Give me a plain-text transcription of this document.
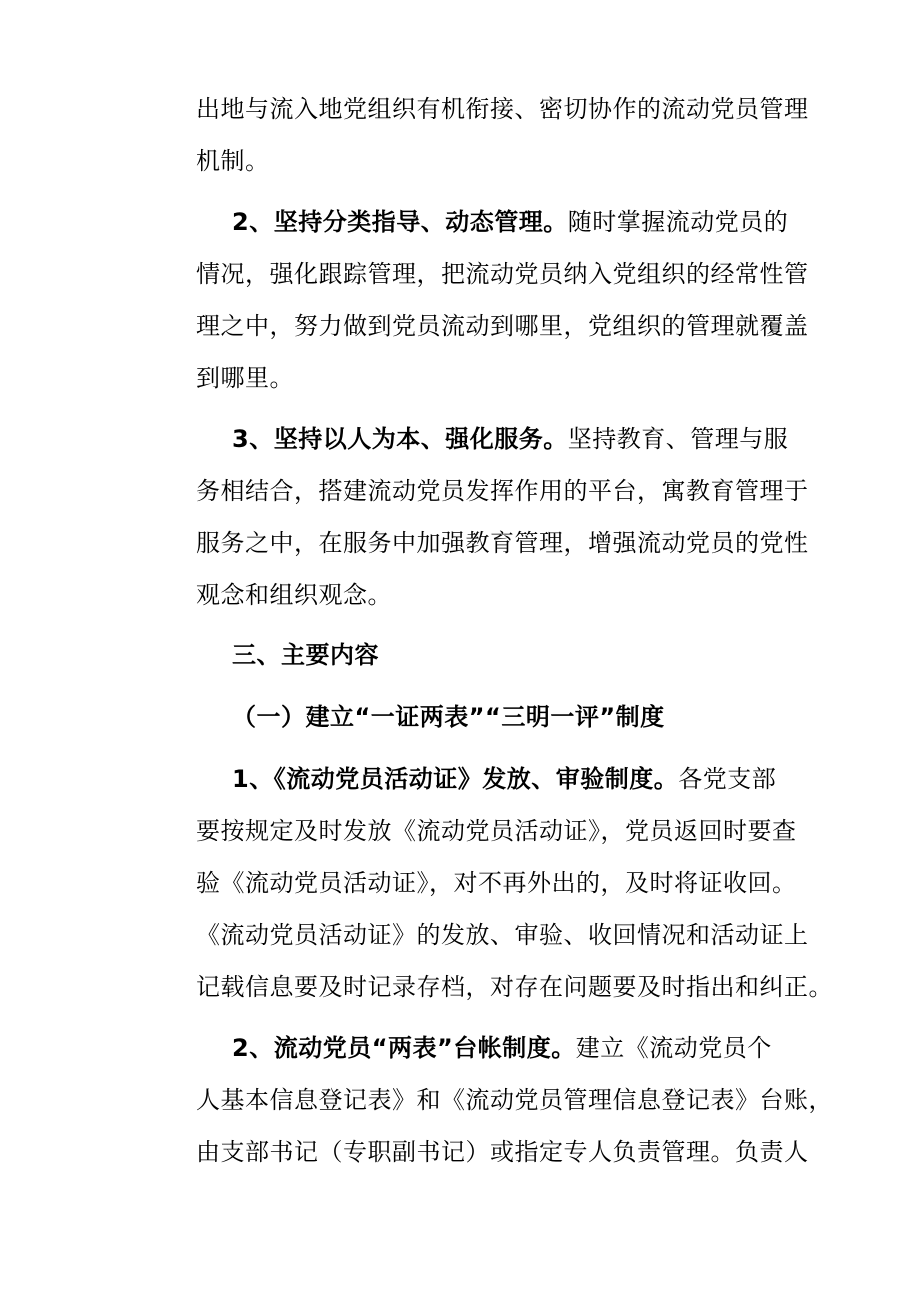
出地与流入地党组织有机衔接、密切协作的流动党员管理
机制。
2、坚持分类指导、动态管理。随时掌握流动党员的
情况，强化跟踪管理，把流动党员纳入党组织的经常性管
理之中，努力做到党员流动到哪里，党组织的管理就覆盖
到哪里。
3、坚持以人为本、强化服务。坚持教育、管理与服
务相结合，搭建流动党员发挥作用的平台，寓教育管理于
服务之中，在服务中加强教育管理，增强流动党员的党性
观念和组织观念。
三、主要内容
（一）建立“一证两表”“三明一评”制度
1、《流动党员活动证》发放、审验制度。各党支部
要按规定及时发放《流动党员活动证》，党员返回时要查
验《流动党员活动证》，对不再外出的，及时将证收回。
《流动党员活动证》的发放、审验、收回情况和活动证上
记载信息要及时记录存档，对存在问题要及时指出和纠正。
2、流动党员“两表”台帐制度。建立《流动党员个
人基本信息登记表》和《流动党员管理信息登记表》台账，
由支部书记（专职副书记）或指定专人负责管理。负责人
